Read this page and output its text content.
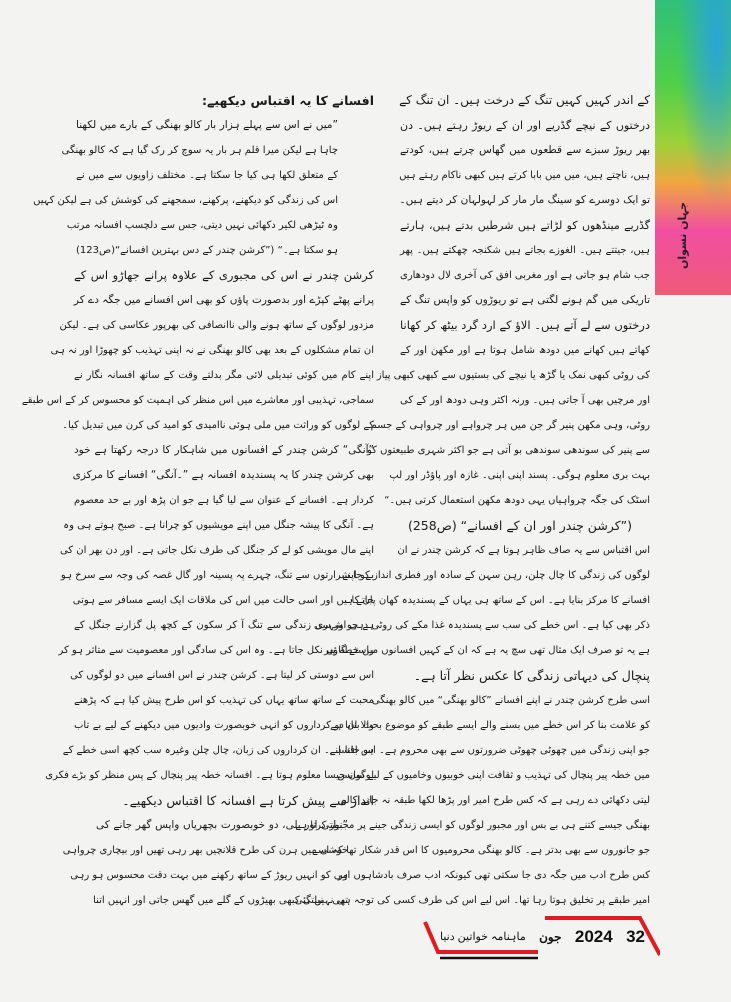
جہان نسواں
کے اندر کہیں کہیں تنگ کے درخت ہیں۔ ان تنگ کے
درختوں کے نیچے گڈریے اور ان کے ریوڑ رہتے ہیں۔ دن
بھر ریوڑ سبزے سے قطعوں میں گھاس چرتے ہیں، کودتے
ہیں، ناچتے ہیں، میں میں بابا کرتے ہیں کبھی ناکام رہتے ہیں
تو ایک دوسرے کو سینگ مار مار کر لہولہان کر دیتے ہیں۔
گڈریے مینڈھوں کو لڑاتے ہیں شرطیں بدتے ہیں، ہارتے
ہیں، جیتتے ہیں۔ الغوزے بجاتے ہیں شکنجہ چھکتے ہیں۔ پھر
جب شام ہو جاتی ہے اور مغربی افق کی آخری لال دودھاری
تاریکی میں گم ہونے لگتی ہے تو ریوڑوں کو واپس تنگ کے
درختوں سے لے آتے ہیں۔ الاؤ کے ارد گرد بیٹھ کر کھانا
کھاتے ہیں کھانے میں دودھ شامل ہوتا ہے اور مکھن اور کے
کی روٹی کبھی نمک یا گڑھ یا نیچے کی بستیوں سے کبھی کبھی پیاز
اور مرچیں بھی آ جاتی ہیں۔ ورنہ اکثر وہی دودھ اور کے کی
روٹی، وہی مکھن پنیر گر جن میں ہر چرواہے اور چرواہی کے جسم
سے پنیر کی سوندھی سوندھی بو آتی ہے جو اکثر شہری طبیعتوں کو
بہت بری معلوم ہوگی۔ پسند اپنی اپنی۔ غازہ اور پاؤڈر اور لپ
اسٹک کی جگہ چرواہیاں یہی دودھ مکھن استعمال کرتی ہیں۔“
(”کرشن چندر اور ان کے افسانے“ (ص258)
اس اقتباس سے یہ صاف ظاہر ہوتا ہے کہ کرشن چندر نے ان
لوگوں کی زندگی کا چال چلن، رہن سہن کے سادہ اور فطری انداز کو اپنے
افسانے کا مرکز بنایا ہے۔ اس کے ساتھ ہی یہاں کے پسندیدہ کھان پان کا
ذکر بھی کیا ہے۔ اس خطے کی سب سے پسندیدہ غذا مکے کی روٹی دہی اور سی
ہے یہ تو صرف ایک مثال تھی سچ یہ ہے کہ ان کے کہیں افسانوں میں خطہ پیر
پنچال کی دیہاتی زندگی کا عکس نظر آتا ہے۔
اسی طرح کرشن چندر نے اپنے افسانے ”کالو بھنگی“ میں کالو بھنگی
کو علامت بنا کر اس خطے میں بسنے والے ایسے طبقے کو موضوع بحث بنایا ہے
جو اپنی زندگی میں چھوٹی چھوٹی ضرورتوں سے بھی محروم ہے۔ اس افسانے
میں خطہ پیر پنچال کی تہذیب و ثقافت اپنی خوبیوں وخامیوں کے لیے سانس
لیتی دکھائی دے رہی ہے کہ کس طرح امیر اور پڑھا لکھا طبقہ نہ جانے کالو
بھنگی جیسے کتنے ہی بے بس اور مجبور لوگوں کو ایسی زندگی جینے پر مجبور کرتا ہے
جو جانوروں سے بھی بدتر ہے۔ کالو بھنگی محرومیوں کا اس قدر شکار تھا کہ اسے
کس طرح ادب میں جگہ دی جا سکتی تھی کیونکہ ادب صرف بادشاہوں اور
امیر طبقے پر تخلیق ہوتا رہا تھا۔ اس لیے اس کی طرف کسی کی توجہ ہی نہیں گئی
افسانے کا یہ اقتباس دیکھیے:
”میں نے اس سے پہلے ہزار بار کالو بھنگی کے بارے میں لکھنا
چاہا ہے لیکن میرا قلم ہر بار یہ سوچ کر رک گیا ہے کہ کالو بھنگی
کے متعلق لکھا ہی کیا جا سکتا ہے۔ مختلف زاویوں سے میں نے
اس کی زندگی کو دیکھنے، پرکھنے، سمجھنے کی کوشش کی ہے لیکن کہیں
وہ ٹیڑھی لکیر دکھائی نہیں دیتی، جس سے دلچسپ افسانہ مرتب
ہو سکتا ہے۔“ (”کرشن چندر کے دس بہترین افسانے“(ص123)
کرشن چندر نے اس کی مجبوری کے علاوہ پرانے جھاڑو اس کے
پرانے پھٹے کپڑے اور بدصورت پاؤں کو بھی اس افسانے میں جگہ دے کر
مزدور لوگوں کے ساتھ ہونے والی ناانصافی کی بھرپور عکاسی کی ہے۔ لیکن
ان تمام مشکلوں کے بعد بھی کالو بھنگی نے نہ اپنی تہذیب کو چھوڑا اور نہ ہی
اپنے کام میں کوئی تبدیلی لائی مگر بدلتے وقت کے ساتھ افسانہ نگار نے
سماجی، تہذیبی اور معاشرے میں اس منظر کی اہمیت کو محسوس کر کے اس طبقے
کے لوگوں کو وراثت میں ملی ہوئی ناامیدی کو امید کی کرن میں تبدیل کیا۔
”آنگی“ کرشن چندر کے افسانوں میں شاہکار کا درجہ رکھتا ہے خود
بھی کرشن چندر کا یہ پسندیدہ افسانہ ہے ”۔آنگی“ افسانے کا مرکزی
کردار ہے۔ افسانے کے عنوان سے لیا گیا ہے جو ان پڑھ اور بے حد معصوم
ہے۔ آنگی کا پیشہ جنگل میں اپنے مویشیوں کو چرانا ہے۔ صبح ہوتے ہی وہ
اپنے مال مویشی کو لے کر جنگل کی طرف نکل جاتی ہے۔ اور دن بھر ان کی
بے جا شرارتوں سے تنگ، چہرے پہ پسینہ اور گال غصہ کی وجہ سے سرخ ہو
جاتے ہیں اور اسی حالت میں اس کی ملاقات ایک ایسے مسافر سے ہوتی
ہے جو شہری زندگی سے تنگ آ کر سکون کے کچھ پل گزارنے جنگل کے
راستے گاؤں نکل جاتا ہے۔ وہ اس کی سادگی اور معصومیت سے متاثر ہو کر
اس سے دوستی کر لیتا ہے۔ کرشن چندر نے اس افسانے میں دو لوگوں کی
محبت کے ساتھ ساتھ یہاں کی تہذیب کو اس طرح پیش کیا ہے کہ پڑھنے
والا ان دو کرداروں کو انہی خوبصورت وادیوں میں دیکھنے کے لیے بے تاب
ہو جاتا ہے۔ ان کرداروں کی زبان، چال چلن وغیرہ سب کچھ اسی خطے کے
لوگوں جیسا معلوم ہوتا ہے۔ افسانہ خطہ پیر پنچال کے پس منظر کو بڑے فکری
انداز سے پیش کرتا ہے افسانہ کا اقتباس دیکھیے۔
”نیلتی اور بلی، دو خوبصورت بچھریاں واپس گھر جانے کی
خوشی میں ہرن کی طرح قلانچیں بھر رہی تھیں اور بیچاری چرواہی
ہی کو انہیں ریوڑ کے ساتھ رکھنے میں بہت دقت محسوس ہو رہی
تھی۔ نیلتی کبھی بھیڑوں کے گلے میں گھس جاتی اور انہیں اتنا
ماہنامہ خواتین دنیا جون 2024 32
